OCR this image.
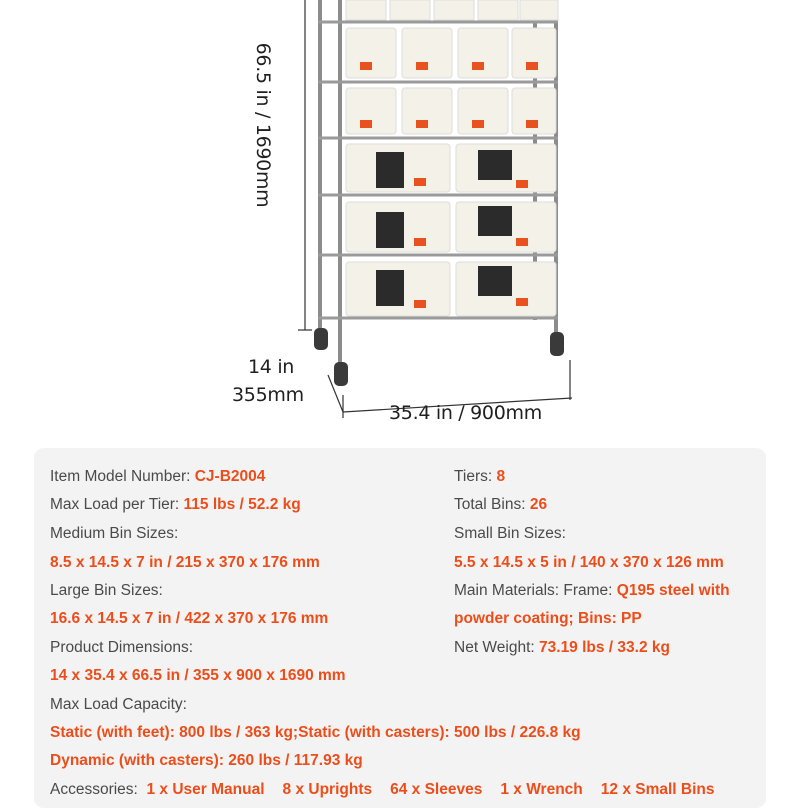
66.5 in / 1690mm
14 in
355mm
35.4 in / 900mm
Item Model Number: CJ-B2004
Max Load per Tier: 115 lbs / 52.2 kg
Medium Bin Sizes:
8.5 x 14.5 x 7 in / 215 x 370 x 176 mm
Large Bin Sizes:
16.6 x 14.5 x 7 in / 422 x 370 x 176 mm
Product Dimensions:
14 x 35.4 x 66.5 in / 355 x 900 x 1690 mm
Max Load Capacity:
Static (with feet): 800 lbs / 363 kg;Static (with casters): 500 lbs / 226.8 kg
Dynamic (with casters): 260 lbs / 117.93 kg
Accessories: 1 x User Manual 8 x Uprights 64 x Sleeves 1 x Wrench 12 x Small Bins
Tiers: 8
Total Bins: 26
Small Bin Sizes:
5.5 x 14.5 x 5 in / 140 x 370 x 126 mm
Main Materials: Frame: Q195 steel with
powder coating; Bins: PP
Net Weight: 73.19 lbs / 33.2 kg
